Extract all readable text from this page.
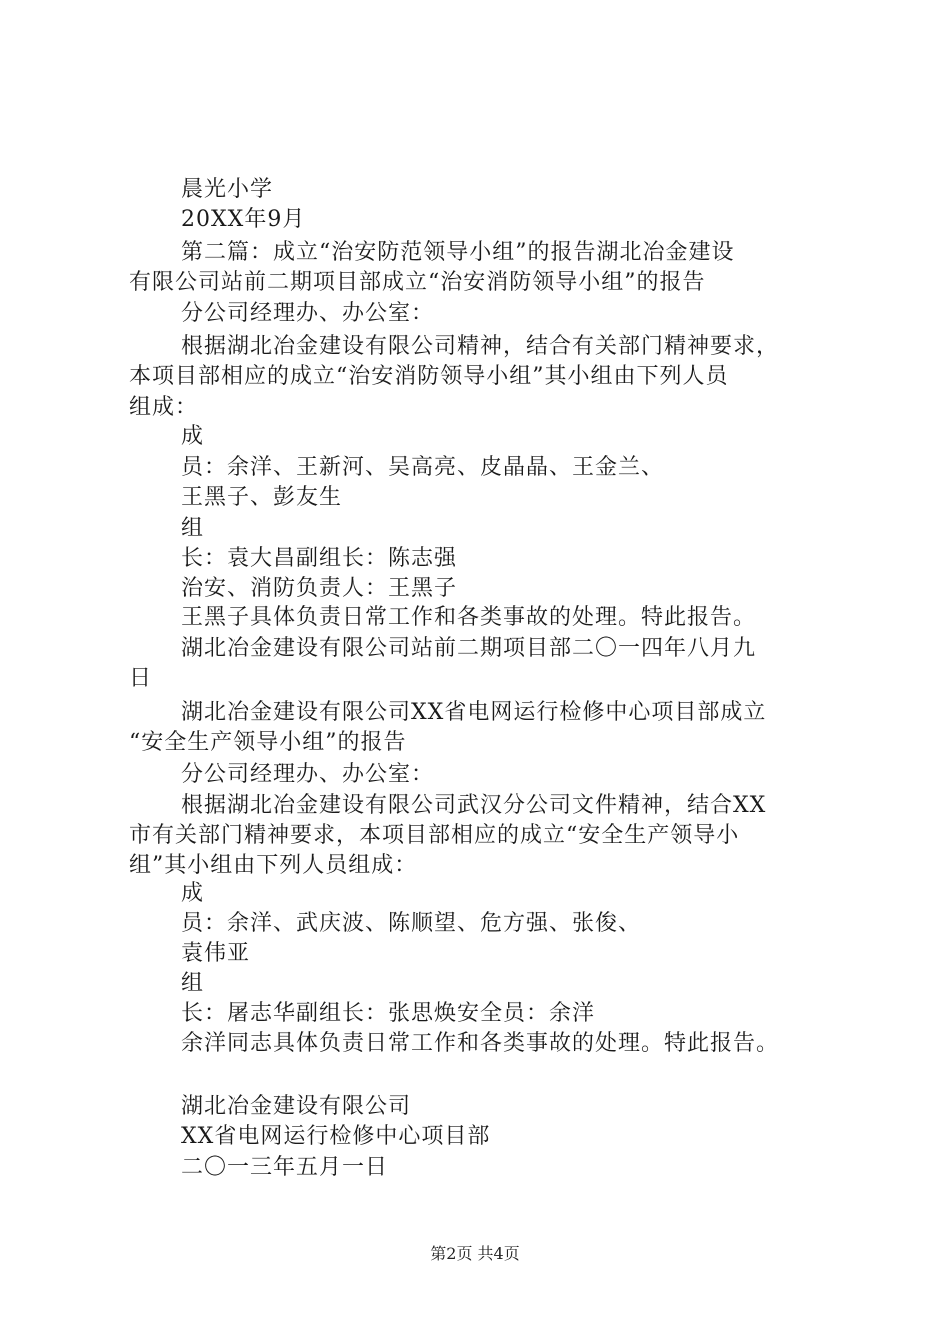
晨光小学
20XX年9月
第二篇：成立“治安防范领导小组”的报告湖北冶金建设
有限公司站前二期项目部成立“治安消防领导小组”的报告
分公司经理办、办公室：
根据湖北冶金建设有限公司精神，结合有关部门精神要求，
本项目部相应的成立“治安消防领导小组”其小组由下列人员
组成：
成
员：余洋、王新河、吴高亮、皮晶晶、王金兰、
王黑子、彭友生
组
长：袁大昌副组长：陈志强
治安、消防负责人：王黑子
王黑子具体负责日常工作和各类事故的处理。特此报告。
湖北冶金建设有限公司站前二期项目部二〇一四年八月九
日
湖北冶金建设有限公司XX省电网运行检修中心项目部成立
“安全生产领导小组”的报告
分公司经理办、办公室：
根据湖北冶金建设有限公司武汉分公司文件精神，结合XX
市有关部门精神要求，本项目部相应的成立“安全生产领导小
组”其小组由下列人员组成：
成
员：余洋、武庆波、陈顺望、危方强、张俊、
袁伟亚
组
长：屠志华副组长：张思焕安全员：余洋
余洋同志具体负责日常工作和各类事故的处理。特此报告。
湖北冶金建设有限公司
XX省电网运行检修中心项目部
二〇一三年五月一日
第2页 共4页
